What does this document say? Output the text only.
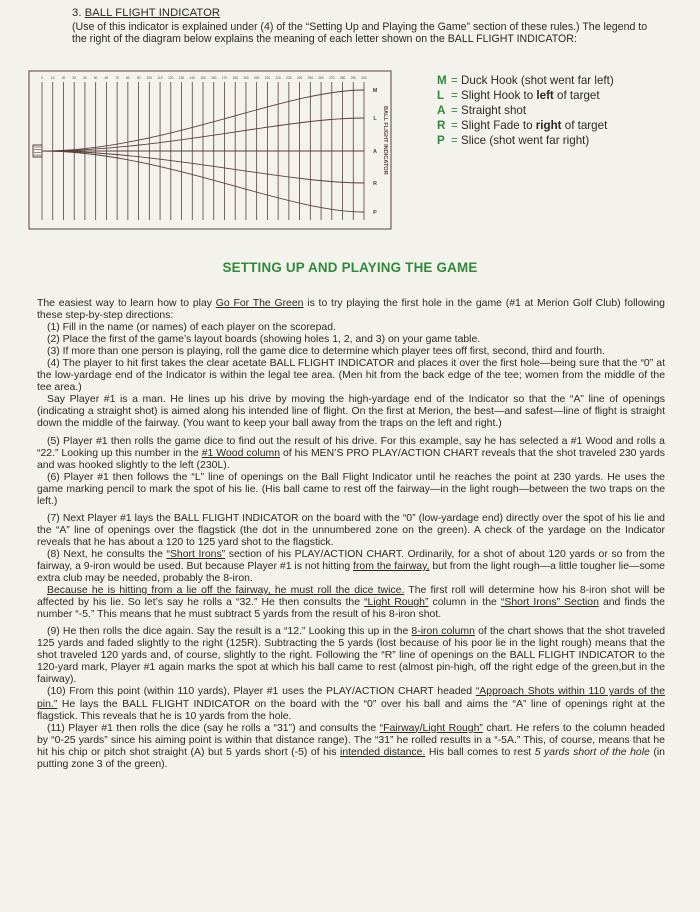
3. BALL FLIGHT INDICATOR

(Use of this indicator is explained under (4) of the “Setting Up and Playing the Game” section of these rules.) The legend to the right of the diagram below explains the meaning of each letter shown on the BALL FLIGHT INDICATOR:

0	10 20 30 40 50 60 70 80 90 100 110 120 130 140 150 160 170 180 190 200 210 220 230 240 250 260 270 280 290 300
M
L
A
R
P
BALL FLIGHT INDICATOR
M = Duck Hook (shot went far left)
L = Slight Hook to left of target
A = Straight shot
R = Slight Fade to right of target
P = Slice (shot went far right)
SETTING UP AND PLAYING THE GAME

The easiest way to learn how to play Go For The Green is to try playing the first hole in the game (#1 at Merion Golf Club) following these step-by-step directions:

(1) Fill in the name (or names) of each player on the scorepad.

(2) Place the first of the game’s layout boards (showing holes 1, 2, and 3) on your game table.

(3) If more than one person is playing, roll the game dice to determine which player tees off first, second, third and fourth.

(4) The player to hit first takes the clear acetate BALL FLIGHT INDICATOR and places it over the first hole—being sure that the “0” at the low-yardage end of the Indicator is within the legal tee area. (Men hit from the back edge of the tee; women from the middle of the tee area.)

Say Player #1 is a man. He lines up his drive by moving the high-yardage end of the Indicator so that the “A” line of openings (indicating a straight shot) is aimed along his intended line of flight. On the first at Merion, the best—and safest—line of flight is straight down the middle of the fairway. (You want to keep your ball away from the traps on the left and right.)

(5) Player #1 then rolls the game dice to find out the result of his drive. For this example, say he has selected a #1 Wood and rolls a “22.” Looking up this number in the #1 Wood column of his MEN’S PRO PLAY/ACTION CHART reveals that the shot traveled 230 yards and was hooked slightly to the left (230L).

(6) Player #1 then follows the “L” line of openings on the Ball Flight Indicator until he reaches the point at 230 yards. He uses the game marking pencil to mark the spot of his lie. (His ball came to rest off the fairway—in the light rough—between the two traps on the left.)

(7) Next Player #1 lays the BALL FLIGHT INDICATOR on the board with the “0” (low-yardage end) directly over the spot of his lie and the “A” line of openings over the flagstick (the dot in the unnumbered zone on the green). A check of the yardage on the Indicator reveals that he has about a 120 to 125 yard shot to the flagstick.

(8) Next, he consults the “Short Irons” section of his PLAY/ACTION CHART. Ordinarily, for a shot of about 120 yards or so from the fairway, a 9-iron would be used. But because Player #1 is not hitting from the fairway, but from the light rough—a little tougher lie—some extra club may be needed, probably the 8-iron.

Because he is hitting from a lie off the fairway, he must roll the dice twice. The first roll will determine how his 8-iron shot will be affected by his lie. So let’s say he rolls a “32.” He then consults the “Light Rough” column in the “Short Irons” Section and finds the number “-5.” This means that he must subtract 5 yards from the result of his 8-iron shot.

(9) He then rolls the dice again. Say the result is a “12.” Looking this up in the 8-iron column of the chart shows that the shot traveled 125 yards and faded slightly to the right (125R). Subtracting the 5 yards (lost because of his poor lie in the light rough) means that the shot traveled 120 yards and, of course, slightly to the right. Following the “R” line of openings on the BALL FLIGHT INDICATOR to the 120-yard mark, Player #1 again marks the spot at which his ball came to rest (almost pin-high, off the right edge of the green,but in the fairway).

(10) From this point (within 110 yards), Player #1 uses the PLAY/ACTION CHART headed “Approach Shots within 110 yards of the pin.” He lays the BALL FLIGHT INDICATOR on the board with the “0” over his ball and aims the “A” line of openings right at the flagstick. This reveals that he is 10 yards from the hole.

(11) Player #1 then rolls the dice (say he rolls a “31”) and consults the “Fairway/Light Rough” chart. He refers to the column headed by “0-25 yards” since his aiming point is within that distance range). The “31” he rolled results in a “-5A.” This, of course, means that he hit his chip or pitch shot straight (A) but 5 yards short (-5) of his intended distance. His ball comes to rest 5 yards short of the hole (in putting zone 3 of the green).
